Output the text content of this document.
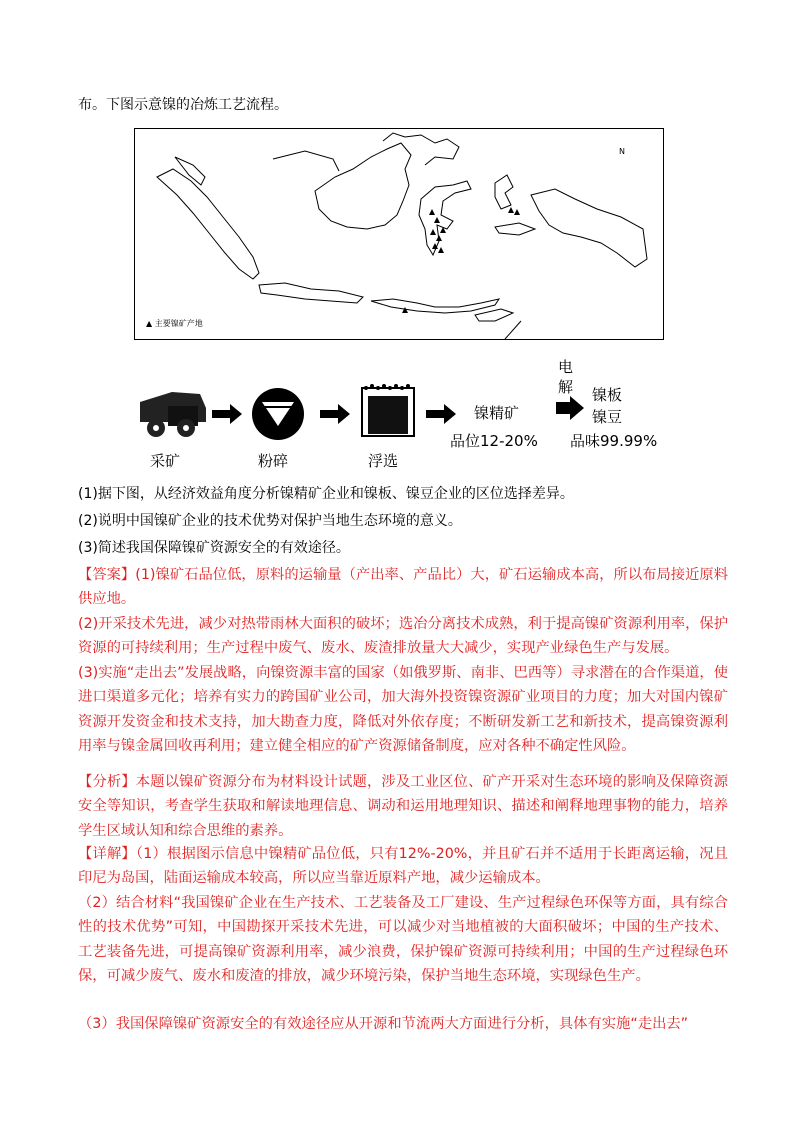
布。下图示意镍的冶炼工艺流程。
N
▲ 主要镍矿产地
采矿	粉碎	浮选
镍精矿
品位12-20%
电
解 镍板
镍豆
品味99.99%
(1)据下图，从经济效益角度分析镍精矿企业和镍板、镍豆企业的区位选择差异。
(2)说明中国镍矿企业的技术优势对保护当地生态环境的意义。
(3)简述我国保障镍矿资源安全的有效途径。
【答案】(1)镍矿石品位低，原料的运输量（产出率、产品比）大，矿石运输成本高，所以布局接近原料供应地。
(2)开采技术先进，减少对热带雨林大面积的破坏；选冶分离技术成熟，利于提高镍矿资源利用率，保护资源的可持续利用；生产过程中废气、废水、废渣排放量大大减少，实现产业绿色生产与发展。
(3)实施“走出去”发展战略，向镍资源丰富的国家（如俄罗斯、南非、巴西等）寻求潜在的合作渠道，使进口渠道多元化；培养有实力的跨国矿业公司，加大海外投资镍资源矿业项目的力度；加大对国内镍矿资源开发资金和技术支持，加大勘查力度，降低对外依存度；不断研发新工艺和新技术，提高镍资源利用率与镍金属回收再利用；建立健全相应的矿产资源储备制度，应对各种不确定性风险。
【分析】本题以镍矿资源分布为材料设计试题，涉及工业区位、矿产开采对生态环境的影响及保障资源安全等知识，考查学生获取和解读地理信息、调动和运用地理知识、描述和阐释地理事物的能力，培养学生区域认知和综合思维的素养。
【详解】（1）根据图示信息中镍精矿品位低，只有12%-20%，并且矿石并不适用于长距离运输，况且印尼为岛国，陆面运输成本较高，所以应当靠近原料产地，减少运输成本。
（2）结合材料“我国镍矿企业在生产技术、工艺装备及工厂建设、生产过程绿色环保等方面，具有综合性的技术优势”可知，中国勘探开采技术先进，可以减少对当地植被的大面积破坏；中国的生产技术、工艺装备先进，可提高镍矿资源利用率，减少浪费，保护镍矿资源可持续利用；中国的生产过程绿色环保，可减少废气、废水和废渣的排放，减少环境污染，保护当地生态环境，实现绿色生产。
（3）我国保障镍矿资源安全的有效途径应从开源和节流两大方面进行分析，具体有实施“走出去”
